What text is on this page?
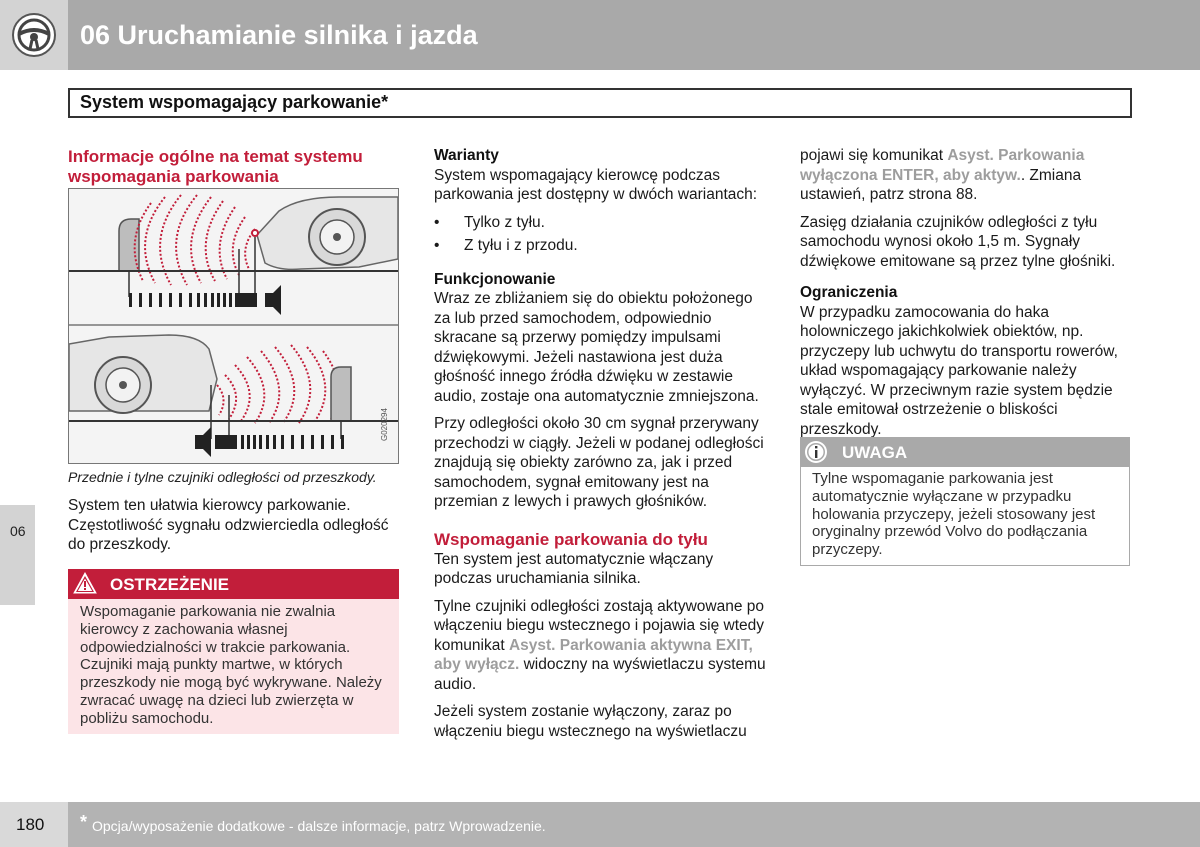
06 Uruchamianie silnika i jazda
System wspomagający parkowanie*
06
Informacje ogólne na temat systemu wspomagania parkowania
G020294
Przednie i tylne czujniki odległości od przeszkody.
System ten ułatwia kierowcy parkowanie. Częstotliwość sygnału odzwierciedla odległość do przeszkody.
OSTRZEŻENIE
Wspomaganie parkowania nie zwalnia kierowcy z zachowania własnej odpowiedzialności w trakcie parkowania. Czujniki mają punkty martwe, w których przeszkody nie mogą być wykrywane. Należy zwracać uwagę na dzieci lub zwierzęta w pobliżu samochodu.
Warianty

System wspomagający kierowcę podczas parkowania jest dostępny w dwóch wariantach:

• Tylko z tyłu.
• Z tyłu i z przodu.
Funkcjonowanie

Wraz ze zbliżaniem się do obiektu położonego za lub przed samochodem, odpowiednio skracane są przerwy pomiędzy impulsami dźwiękowymi. Jeżeli nastawiona jest duża głośność innego źródła dźwięku w zestawie audio, zostaje ona automatycznie zmniejszona.

Przy odległości około 30 cm sygnał przerywany przechodzi w ciągły. Jeżeli w podanej odległości znajdują się obiekty zarówno za, jak i przed samochodem, sygnał emitowany jest na przemian z lewych i prawych głośników.

Wspomaganie parkowania do tyłu

Ten system jest automatycznie włączany podczas uruchamiania silnika.

Tylne czujniki odległości zostają aktywowane po włączeniu biegu wstecznego i pojawia się wtedy komunikat Asyst. Parkowania aktywna EXIT, aby wyłącz. widoczny na wyświetlaczu systemu audio.

Jeżeli system zostanie wyłączony, zaraz po włączeniu biegu wstecznego na wyświetlaczu

pojawi się komunikat Asyst. Parkowania wyłączona ENTER, aby aktyw.. Zmiana ustawień, patrz strona 88.

Zasięg działania czujników odległości z tyłu samochodu wynosi około 1,5 m. Sygnały dźwiękowe emitowane są przez tylne głośniki.

Ograniczenia

W przypadku zamocowania do haka holowniczego jakichkolwiek obiektów, np. przyczepy lub uchwytu do transportu rowerów, układ wspomagający parkowanie należy wyłączyć. W przeciwnym razie system będzie stale emitował ostrzeżenie o bliskości przeszkody.

UWAGA
Tylne wspomaganie parkowania jest automatycznie wyłączane w przypadku holowania przyczepy, jeżeli stosowany jest oryginalny przewód Volvo do podłączania przyczepy.
180 * Opcja/wyposażenie dodatkowe - dalsze informacje, patrz Wprowadzenie.
